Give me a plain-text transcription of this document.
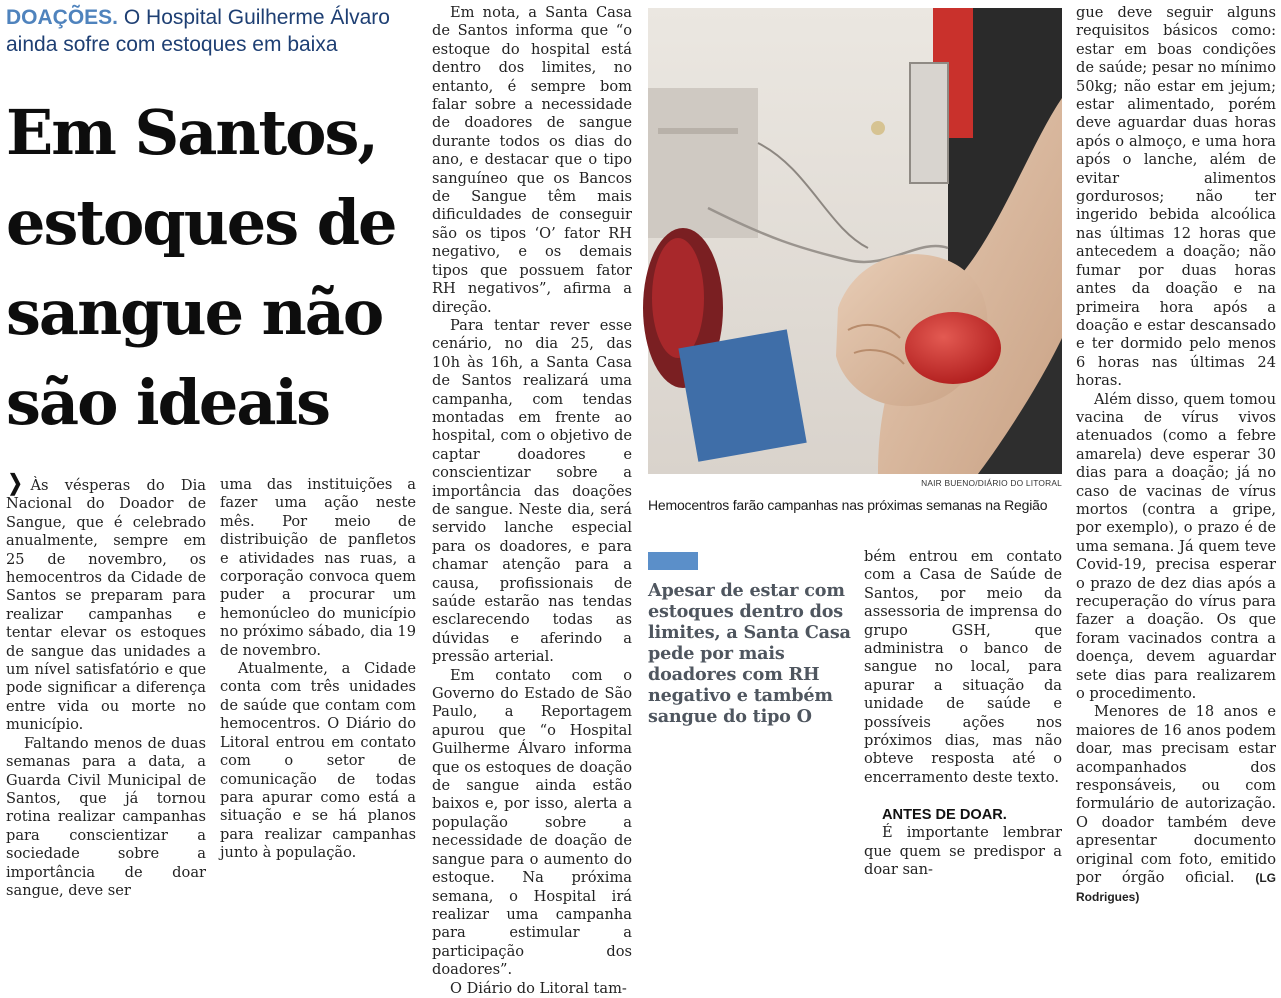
DOAÇÕES. O Hospital Guilherme Álvaro ainda sofre com estoques em baixa
Em Santos, estoques de sangue não são ideais

❯ Às vésperas do Dia Nacional do Doador de Sangue, que é celebrado anualmente, sempre em 25 de novembro, os hemocentros da Cidade de Santos se preparam para realizar campanhas e tentar elevar os estoques de sangue das unidades a um nível satisfatório e que pode significar a diferença entre vida ou morte no município.

Faltando menos de duas semanas para a data, a Guarda Civil Municipal de Santos, que já tornou rotina realizar campanhas para conscientizar a sociedade sobre a importância de doar sangue, deve ser

uma das instituições a fazer uma ação neste mês. Por meio de distribuição de panfletos e atividades nas ruas, a corporação convoca quem puder a procurar um hemonúcleo do município no próximo sábado, dia 19 de novembro.

Atualmente, a Cidade conta com três unidades de saúde que contam com hemocentros. O Diário do Litoral entrou em contato com o setor de comunicação de todas para apurar como está a situação e se há planos para realizar campanhas junto à população.

Em nota, a Santa Casa de Santos informa que “o estoque do hospital está dentro dos limites, no entanto, é sempre bom falar sobre a necessidade de doadores de sangue durante todos os dias do ano, e destacar que o tipo sanguíneo que os Bancos de Sangue têm mais dificuldades de conseguir são os tipos ‘O’ fator RH negativo, e os demais tipos que possuem fator RH negativos”, afirma a direção.

Para tentar rever esse cenário, no dia 25, das 10h às 16h, a Santa Casa de Santos realizará uma campanha, com tendas montadas em frente ao hospital, com o objetivo de captar doadores e conscientizar sobre a importância das doações de sangue. Neste dia, será servido lanche especial para os doadores, e para chamar atenção para a causa, profissionais de saúde estarão nas tendas esclarecendo todas as dúvidas e aferindo a pressão arterial.

Em contato com o Governo do Estado de São Paulo, a Reportagem apurou que “o Hospital Guilherme Álvaro informa que os estoques de doação de sangue ainda estão baixos e, por isso, alerta a população sobre a necessidade de doação de sangue para o aumento do estoque. Na próxima semana, o Hospital irá realizar uma campanha para estimular a participação dos doadores”.

O Diário do Litoral tam-

NAIR BUENO/DIÁRIO DO LITORAL
Hemocentros farão campanhas nas próximas semanas na Região
Apesar de estar com estoques dentro dos limites, a Santa Casa pede por mais doadores com RH negativo e também sangue do tipo O

bém entrou em contato com a Casa de Saúde de Santos, por meio da assessoria de imprensa do grupo GSH, que administra o banco de sangue no local, para apurar a situação da unidade de saúde e possíveis ações nos próximos dias, mas não obteve resposta até o encerramento deste texto.

ANTES DE DOAR.

É importante lembrar que quem se predispor a doar san-

gue deve seguir alguns requisitos básicos como: estar em boas condições de saúde; pesar no mínimo 50kg; não estar em jejum; estar alimentado, porém deve aguardar duas horas após o almoço, e uma hora após o lanche, além de evitar alimentos gordurosos; não ter ingerido bebida alcoólica nas últimas 12 horas que antecedem a doação; não fumar por duas horas antes da doação e na primeira hora após a doação e estar descansado e ter dormido pelo menos 6 horas nas últimas 24 horas.

Além disso, quem tomou vacina de vírus vivos atenuados (como a febre amarela) deve esperar 30 dias para a doação; já no caso de vacinas de vírus mortos (contra a gripe, por exemplo), o prazo é de uma semana. Já quem teve Covid-19, precisa esperar o prazo de dez dias após a recuperação do vírus para fazer a doação. Os que foram vacinados contra a doença, devem aguardar sete dias para realizarem o procedimento.

Menores de 18 anos e maiores de 16 anos podem doar, mas precisam estar acompanhados dos responsáveis, ou com formulário de autorização. O doador também deve apresentar documento original com foto, emitido por órgão oficial. (LG Rodrigues)
